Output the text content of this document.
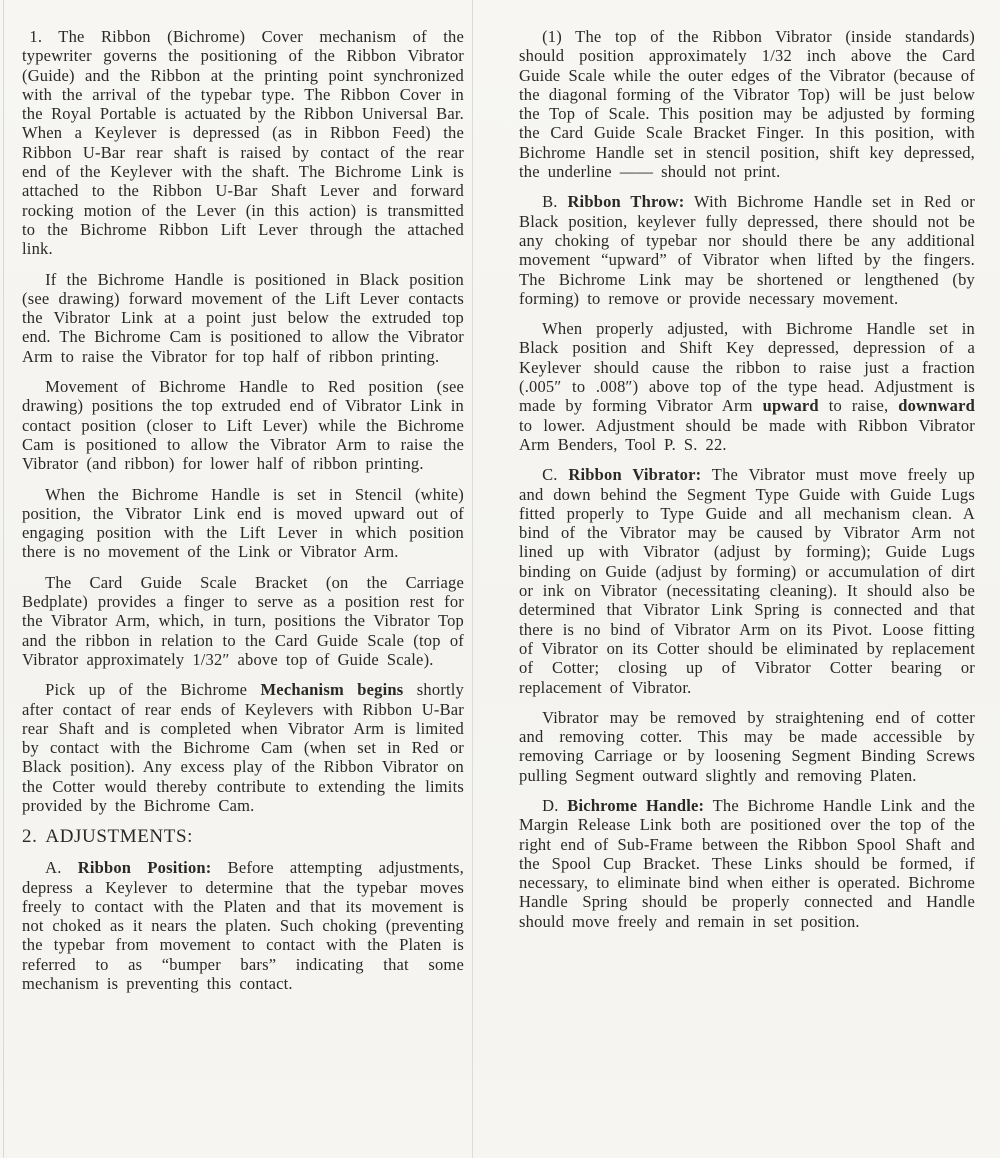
1. The Ribbon (Bichrome) Cover mechanism of the typewriter governs the positioning of the Ribbon Vibrator (Guide) and the Ribbon at the printing point synchronized with the arrival of the typebar type. The Ribbon Cover in the Royal Portable is actuated by the Ribbon Universal Bar. When a Keylever is depressed (as in Ribbon Feed) the Ribbon U-Bar rear shaft is raised by contact of the rear end of the Keylever with the shaft. The Bichrome Link is attached to the Ribbon U-Bar Shaft Lever and forward rocking motion of the Lever (in this action) is transmitted to the Bichrome Ribbon Lift Lever through the attached link.

If the Bichrome Handle is positioned in Black position (see drawing) forward movement of the Lift Lever contacts the Vibrator Link at a point just below the extruded top end. The Bichrome Cam is positioned to allow the Vibrator Arm to raise the Vibrator for top half of ribbon printing.

Movement of Bichrome Handle to Red position (see drawing) positions the top extruded end of Vibrator Link in contact position (closer to Lift Lever) while the Bichrome Cam is positioned to allow the Vibrator Arm to raise the Vibrator (and ribbon) for lower half of ribbon printing.

When the Bichrome Handle is set in Stencil (white) position, the Vibrator Link end is moved upward out of engaging position with the Lift Lever in which position there is no movement of the Link or Vibrator Arm.

The Card Guide Scale Bracket (on the Carriage Bedplate) provides a finger to serve as a position rest for the Vibrator Arm, which, in turn, positions the Vibrator Top and the ribbon in relation to the Card Guide Scale (top of Vibrator approximately 1/32″ above top of Guide Scale).

Pick up of the Bichrome Mechanism begins shortly after contact of rear ends of Keylevers with Ribbon U-Bar rear Shaft and is completed when Vibrator Arm is limited by contact with the Bichrome Cam (when set in Red or Black position). Any excess play of the Ribbon Vibrator on the Cotter would thereby contribute to extending the limits provided by the Bichrome Cam.

2. ADJUSTMENTS:

A. Ribbon Position: Before attempting adjustments, depress a Keylever to determine that the typebar moves freely to contact with the Platen and that its movement is not choked as it nears the platen. Such choking (preventing the typebar from movement to contact with the Platen is referred to as “bumper bars” indicating that some mechanism is preventing this contact.

(1) The top of the Ribbon Vibrator (inside standards) should position approximately 1/32 inch above the Card Guide Scale while the outer edges of the Vibrator (because of the diagonal forming of the Vibrator Top) will be just below the Top of Scale. This position may be adjusted by forming the Card Guide Scale Bracket Finger. In this position, with Bichrome Handle set in stencil position, shift key depressed, the underline —— should not print.

B. Ribbon Throw: With Bichrome Handle set in Red or Black position, keylever fully depressed, there should not be any choking of typebar nor should there be any additional movement “upward” of Vibrator when lifted by the fingers. The Bichrome Link may be shortened or lengthened (by forming) to remove or provide necessary movement.

When properly adjusted, with Bichrome Handle set in Black position and Shift Key depressed, depression of a Keylever should cause the ribbon to raise just a fraction (.005″ to .008″) above top of the type head. Adjustment is made by forming Vibrator Arm upward to raise, downward to lower. Adjustment should be made with Ribbon Vibrator Arm Benders, Tool P. S. 22.

C. Ribbon Vibrator: The Vibrator must move freely up and down behind the Segment Type Guide with Guide Lugs fitted properly to Type Guide and all mechanism clean. A bind of the Vibrator may be caused by Vibrator Arm not lined up with Vibrator (adjust by forming); Guide Lugs binding on Guide (adjust by forming) or accumulation of dirt or ink on Vibrator (necessitating cleaning). It should also be determined that Vibrator Link Spring is connected and that there is no bind of Vibrator Arm on its Pivot. Loose fitting of Vibrator on its Cotter should be eliminated by replacement of Cotter; closing up of Vibrator Cotter bearing or replacement of Vibrator.

Vibrator may be removed by straightening end of cotter and removing cotter. This may be made accessible by removing Carriage or by loosening Segment Binding Screws pulling Segment outward slightly and removing Platen.

D. Bichrome Handle: The Bichrome Handle Link and the Margin Release Link both are positioned over the top of the right end of Sub-Frame between the Ribbon Spool Shaft and the Spool Cup Bracket. These Links should be formed, if necessary, to eliminate bind when either is operated. Bichrome Handle Spring should be properly connected and Handle should move freely and remain in set position.
